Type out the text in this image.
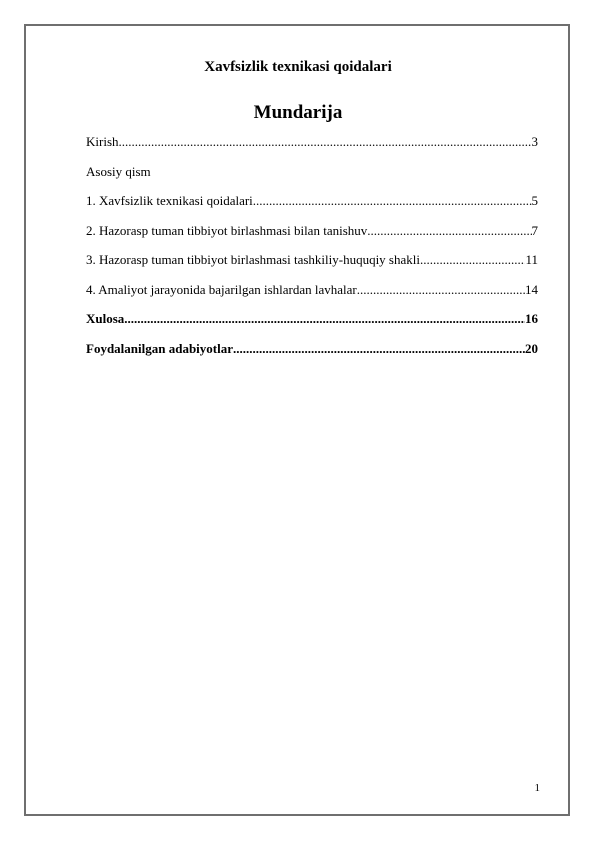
Xavfsizlik texnikasi qoidalari
Mundarija
Kirish .....	3
Asosiy qism
1. Xavfsizlik texnikasi qoidalari .....	5
2. Hazorasp tuman tibbiyot birlashmasi bilan tanishuv .....	7
3. Hazorasp tuman tibbiyot birlashmasi tashkiliy-huquqiy shakli .....	11
4. Amaliyot jarayonida bajarilgan ishlardan lavhalar .....	14
Xulosa .....	16
Foydalanilgan adabiyotlar .....	20
1
